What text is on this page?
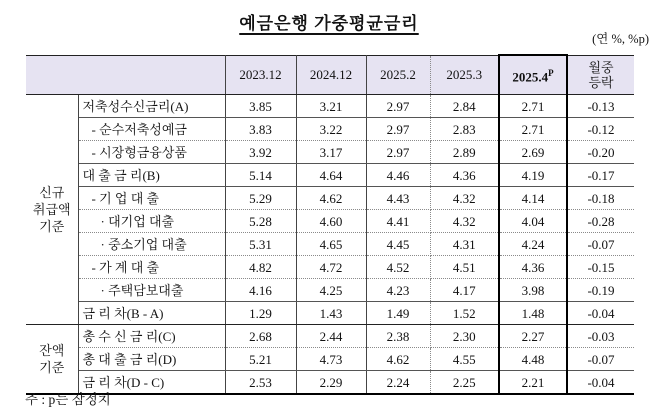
예금은행 가중평균금리
(연 %, %p)
		2023.12	2024.12	2025.2	2025.3	$2025.4^P$	월중
등락

신규
취급액
기준	저축성수신금리(A)	3.85	3.21	2.97	2.84	2.71	-0.13
	- 순수저축성예금	3.83	3.22	2.97	2.83	2.71	-0.12
	- 시장형금융상품	3.92	3.17	2.97	2.89	2.69	-0.20
	대 출 금 리(B)	5.14	4.64	4.46	4.36	4.19	-0.17
	- 기 업 대 출	5.29	4.62	4.43	4.32	4.14	-0.18
	· 대기업 대출	5.28	4.60	4.41	4.32	4.04	-0.28
	· 중소기업 대출	5.31	4.65	4.45	4.31	4.24	-0.07
	- 가 계 대 출	4.82	4.72	4.52	4.51	4.36	-0.15
	· 주택담보대출	4.16	4.25	4.23	4.17	3.98	-0.19
	금 리 차(B - A)	1.29	1.43	1.49	1.52	1.48	-0.04

잔액
기준	총 수 신 금 리(C)	2.68	2.44	2.38	2.30	2.27	-0.03
	총 대 출 금 리(D)	5.21	4.73	4.62	4.55	4.48	-0.07
	금 리 차(D - C)	2.53	2.29	2.24	2.25	2.21	-0.04
주 : p는 잠정치
